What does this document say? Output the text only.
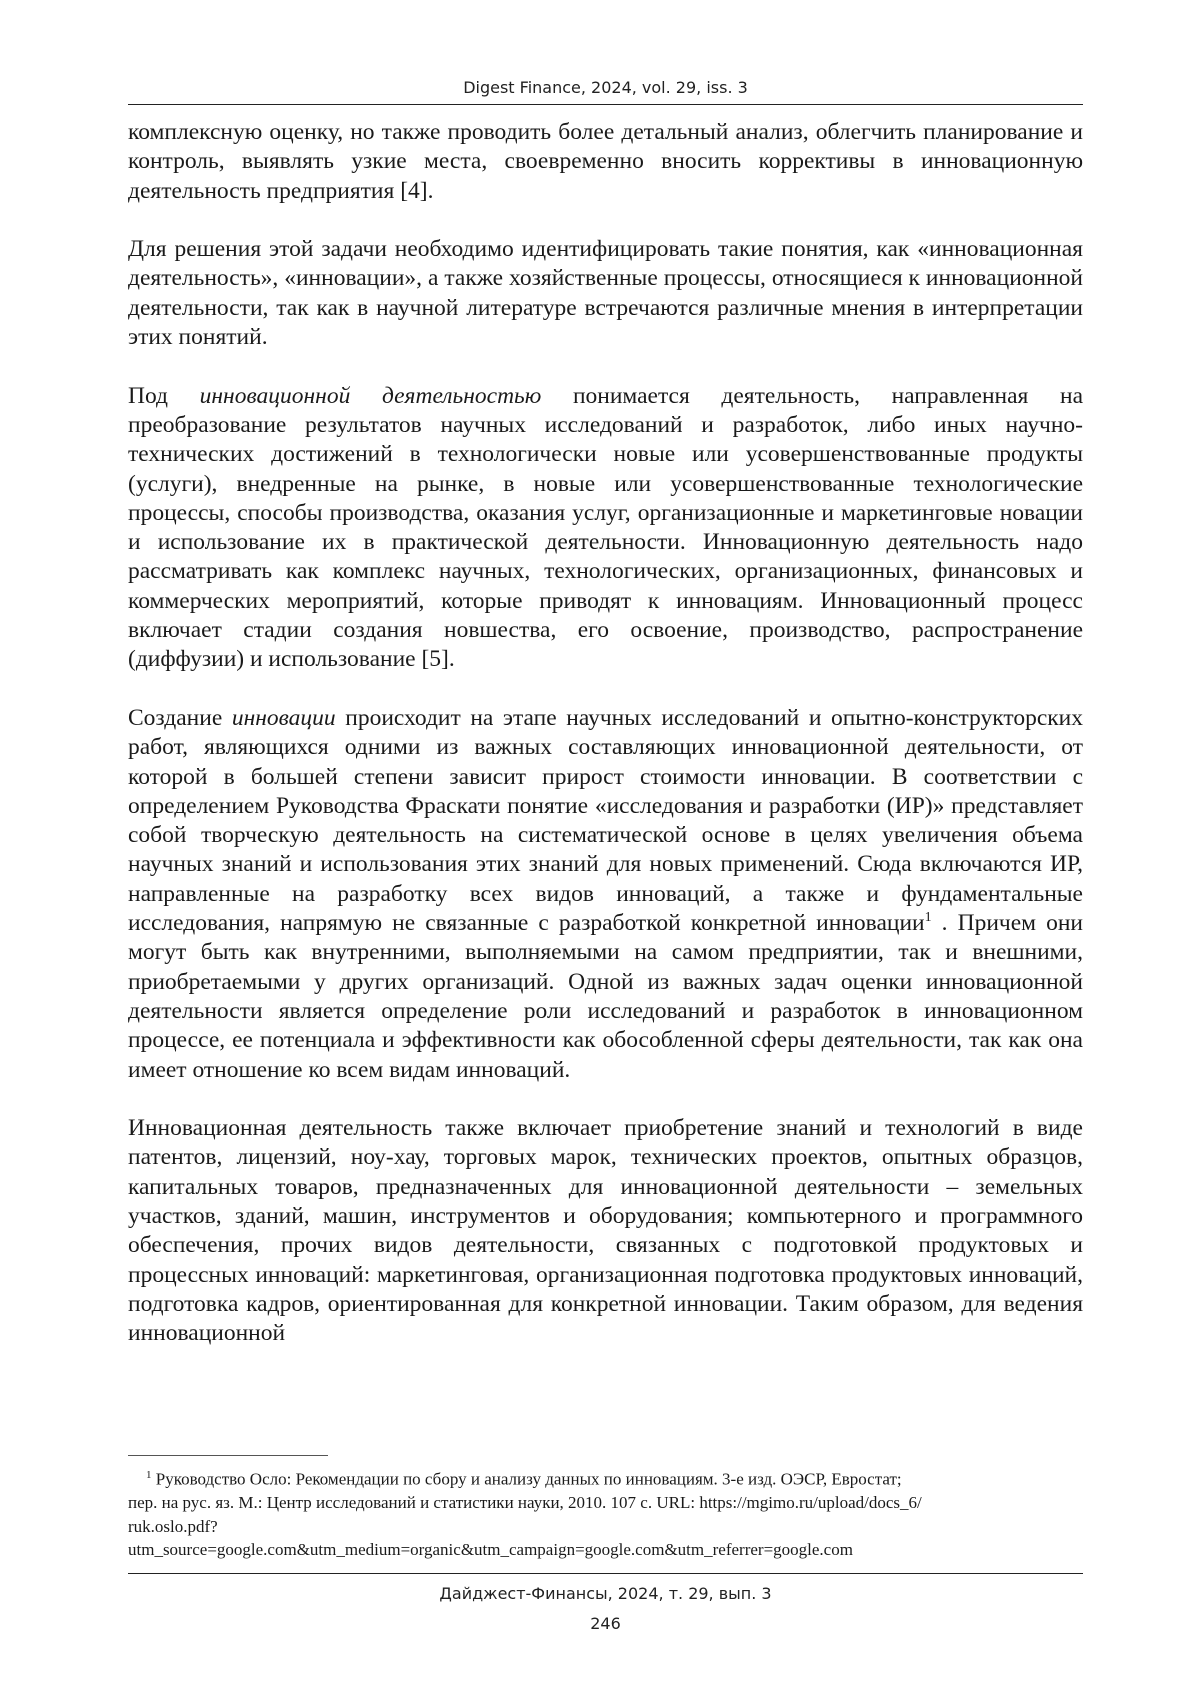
Digest Finance, 2024, vol. 29, iss. 3

комплексную оценку, но также проводить более детальный анализ, облегчить планирование и контроль, выявлять узкие места, своевременно вносить коррективы в инновационную деятельность предприятия [4].

Для решения этой задачи необходимо идентифицировать такие понятия, как «инновационная деятельность», «инновации», а также хозяйственные процессы, относящиеся к инновационной деятельности, так как в научной литературе встречаются различные мнения в интерпретации этих понятий.

Под инновационной деятельностью понимается деятельность, направленная на преобразование результатов научных исследований и разработок, либо иных научно-технических достижений в технологически новые или усовершенствованные продукты (услуги), внедренные на рынке, в новые или усовершенствованные технологические процессы, способы производства, оказания услуг, организационные и маркетинговые новации и использование их в практической деятельности. Инновационную деятельность надо рассматривать как комплекс научных, технологических, организационных, финансовых и коммерческих мероприятий, которые приводят к инновациям. Инновационный процесс включает стадии создания новшества, его освоение, производство, распространение (диффузии) и использование [5].

Создание инновации происходит на этапе научных исследований и опытно-конструкторских работ, являющихся одними из важных составляющих инновационной деятельности, от которой в большей степени зависит прирост стоимости инновации. В соответствии с определением Руководства Фраскати понятие «исследования и разработки (ИР)» представляет собой творческую деятельность на систематической основе в целях увеличения объема научных знаний и использования этих знаний для новых применений. Сюда включаются ИР, направленные на разработку всех видов инноваций, а также и фундаментальные исследования, напрямую не связанные с разработкой конкретной инновации$^1$ . Причем они могут быть как внутренними, выполняемыми на самом предприятии, так и внешними, приобретаемыми у других организаций. Одной из важных задач оценки инновационной деятельности является определение роли исследований и разработок в инновационном процессе, ее потенциала и эффективности как обособленной сферы деятельности, так как она имеет отношение ко всем видам инноваций.

Инновационная деятельность также включает приобретение знаний и технологий в виде патентов, лицензий, ноу-хау, торговых марок, технических проектов, опытных образцов, капитальных товаров, предназначенных для инновационной деятельности – земельных участков, зданий, машин, инструментов и оборудования; компьютерного и программного обеспечения, прочих видов деятельности, связанных с подготовкой продуктовых и процессных инноваций: маркетинговая, организационная подготовка продуктовых инноваций, подготовка кадров, ориентированная для конкретной инновации. Таким образом, для ведения инновационной

$^1$ Руководство Осло: Рекомендации по сбору и анализу данных по инновациям. 3-е изд. ОЭСР, Евростат;
пер. на рус. яз. М.: Центр исследований и статистики науки, 2010. 107 с. URL: https://mgimo.ru/upload/docs_6/
ruk.oslo.pdf?
utm_source=google.com&utm_medium=organic&utm_campaign=google.com&utm_referrer=google.com
Дайджест-Финансы, 2024, т. 29, вып. 3
246
